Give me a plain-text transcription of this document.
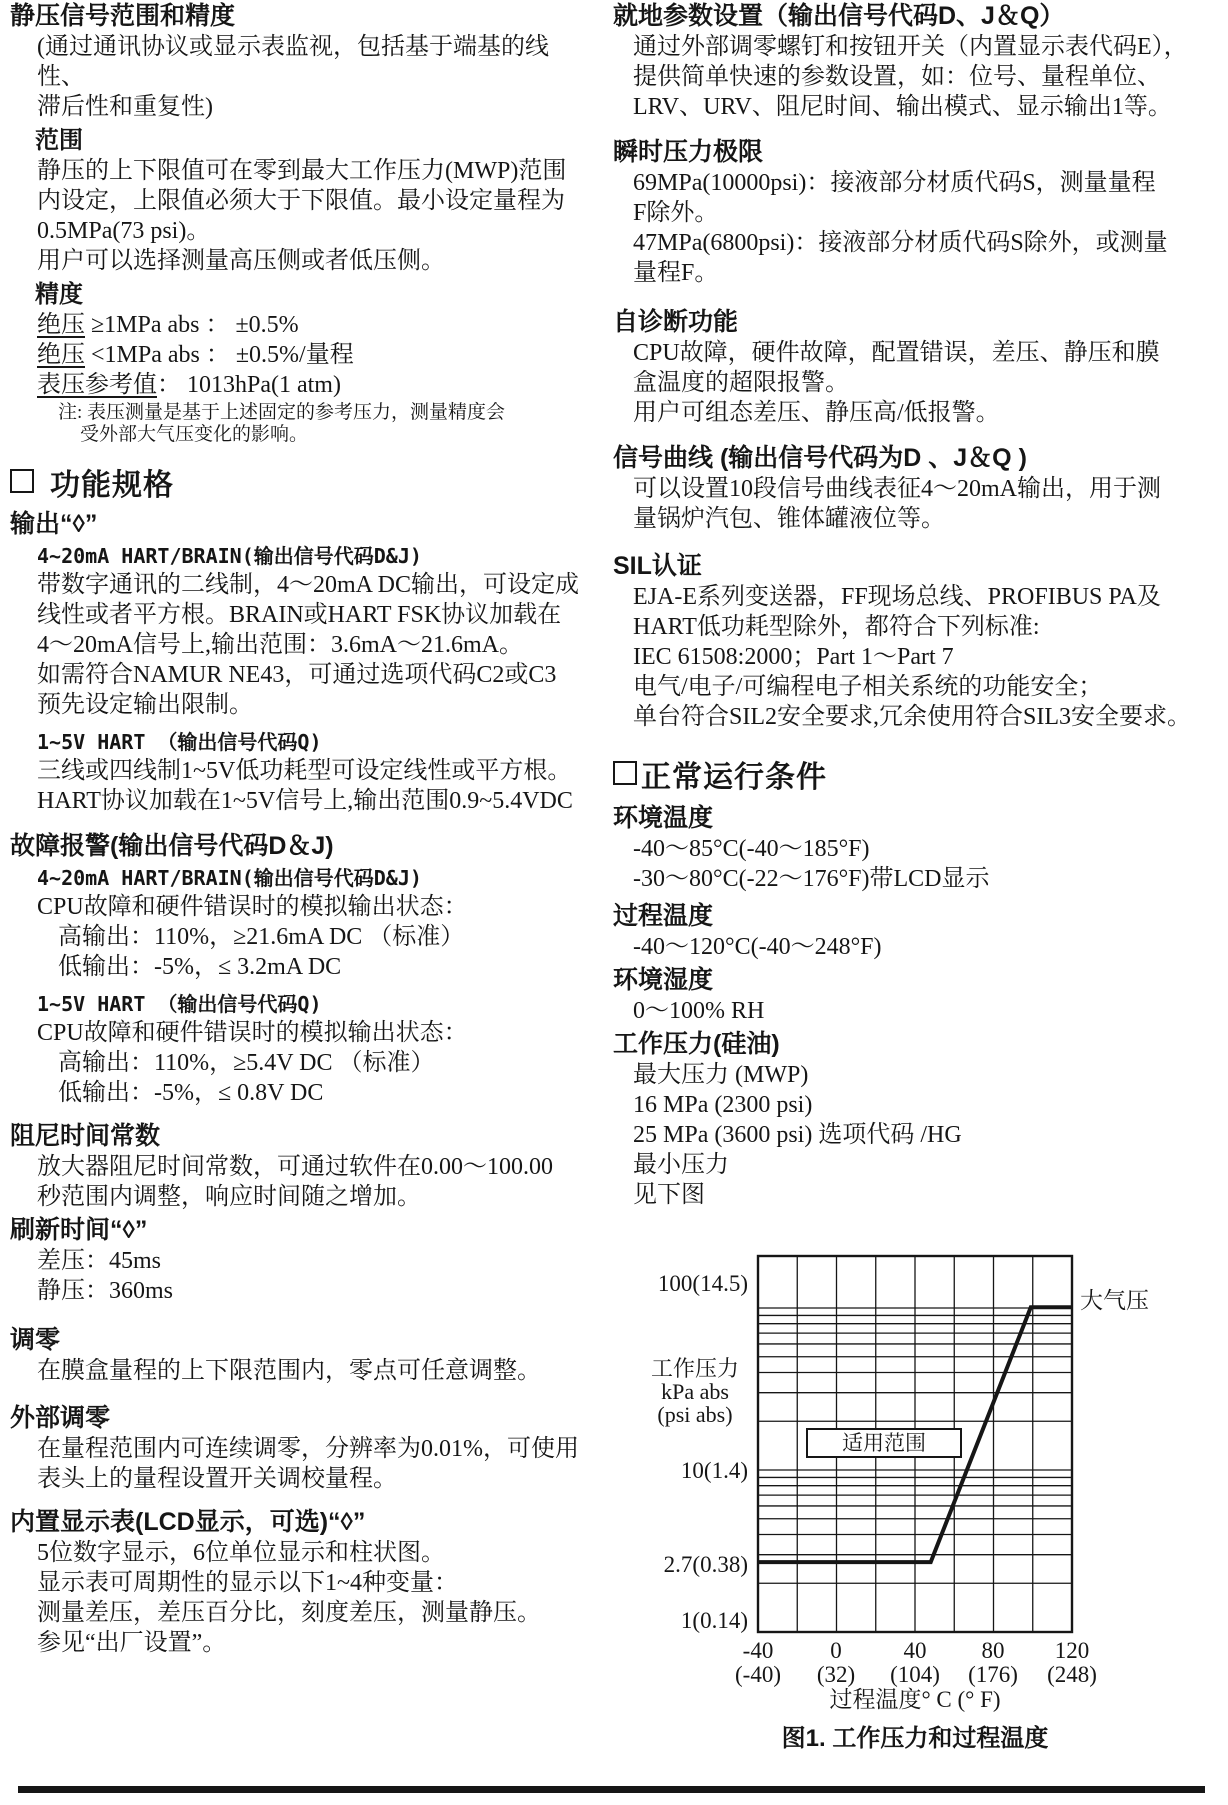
静压信号范围和精度

(通过通讯协议或显示表监视，包括基于端基的线性、

滞后性和重复性)

范围

静压的上下限值可在零到最大工作压力(MWP)范围

内设定，上限值必须大于下限值。最小设定量程为

0.5MPa(73 psi)。

用户可以选择测量高压侧或者低压侧。

精度

绝压 ≥1MPa abs ： ±0.5%

绝压 <1MPa abs ： ±0.5%/量程

表压参考值： 1013hPa(1 atm)

注: 表压测量是基于上述固定的参考压力，测量精度会

受外部大气压变化的影响。

功能规格

输出“◊”

4~20mA HART/BRAIN(输出信号代码D&J)

带数字通讯的二线制，4～20mA DC输出，可设定成

线性或者平方根。BRAIN或HART FSK协议加载在

4～20mA信号上,输出范围：3.6mA～21.6mA。

如需符合NAMUR NE43，可通过选项代码C2或C3

预先设定输出限制。

1~5V HART （输出信号代码Q)

三线或四线制1~5V低功耗型可设定线性或平方根。

HART协议加载在1~5V信号上,输出范围0.9~5.4VDC

故障报警(输出信号代码D＆J)

4~20mA HART/BRAIN(输出信号代码D&J)

CPU故障和硬件错误时的模拟输出状态：

高输出：110%，≥21.6mA DC （标准）

低输出：-5%，≤ 3.2mA DC

1~5V HART （输出信号代码Q)

CPU故障和硬件错误时的模拟输出状态：

高输出：110%，≥5.4V DC （标准）

低输出：-5%，≤ 0.8V DC

阻尼时间常数

放大器阻尼时间常数，可通过软件在0.00～100.00

秒范围内调整，响应时间随之增加。

刷新时间“◊”

差压：45ms

静压：360ms

调零

在膜盒量程的上下限范围内，零点可任意调整。

外部调零

在量程范围内可连续调零，分辨率为0.01%，可使用

表头上的量程设置开关调校量程。

内置显示表(LCD显示，可选)“◊”

5位数字显示，6位单位显示和柱状图。

显示表可周期性的显示以下1~4种变量：

测量差压，差压百分比，刻度差压，测量静压。

参见“出厂设置”。

就地参数设置（输出信号代码D、J＆Q）

通过外部调零螺钉和按钮开关（内置显示表代码E），

提供简单快速的参数设置，如：位号、量程单位、

LRV、URV、阻尼时间、输出模式、显示输出1等。

瞬时压力极限

69MPa(10000psi)：接液部分材质代码S，测量量程

F除外。

47MPa(6800psi)：接液部分材质代码S除外，或测量

量程F。

自诊断功能

CPU故障，硬件故障，配置错误，差压、静压和膜

盒温度的超限报警。

用户可组态差压、静压高/低报警。

信号曲线 (输出信号代码为D 、J＆Q )

可以设置10段信号曲线表征4～20mA输出，用于测

量锅炉汽包、锥体罐液位等。

SIL认证

EJA-E系列变送器，FF现场总线、PROFIBUS PA及

HART低功耗型除外，都符合下列标准:

IEC 61508:2000；Part 1～Part 7

电气/电子/可编程电子相关系统的功能安全；

单台符合SIL2安全要求,冗余使用符合SIL3安全要求。

正常运行条件

环境温度

-40～85°C(-40～185°F)

-30～80°C(-22～176°F)带LCD显示

过程温度

-40～120°C(-40～248°F)

环境湿度

0～100% RH

工作压力(硅油)

最大压力 (MWP)

16 MPa (2300 psi)

25 MPa (3600 psi) 选项代码 /HG

最小压力

见下图

100(14.5)
10(1.4)
2.7(0.38)
1(0.14)
工作压力
kPa abs
(psi abs)
-40	0	40	80	120
(-40)	(32)	(104)	(176)	(248)
过程温度° C (° F)
大气压
适用范围
图1. 工作压力和过程温度
